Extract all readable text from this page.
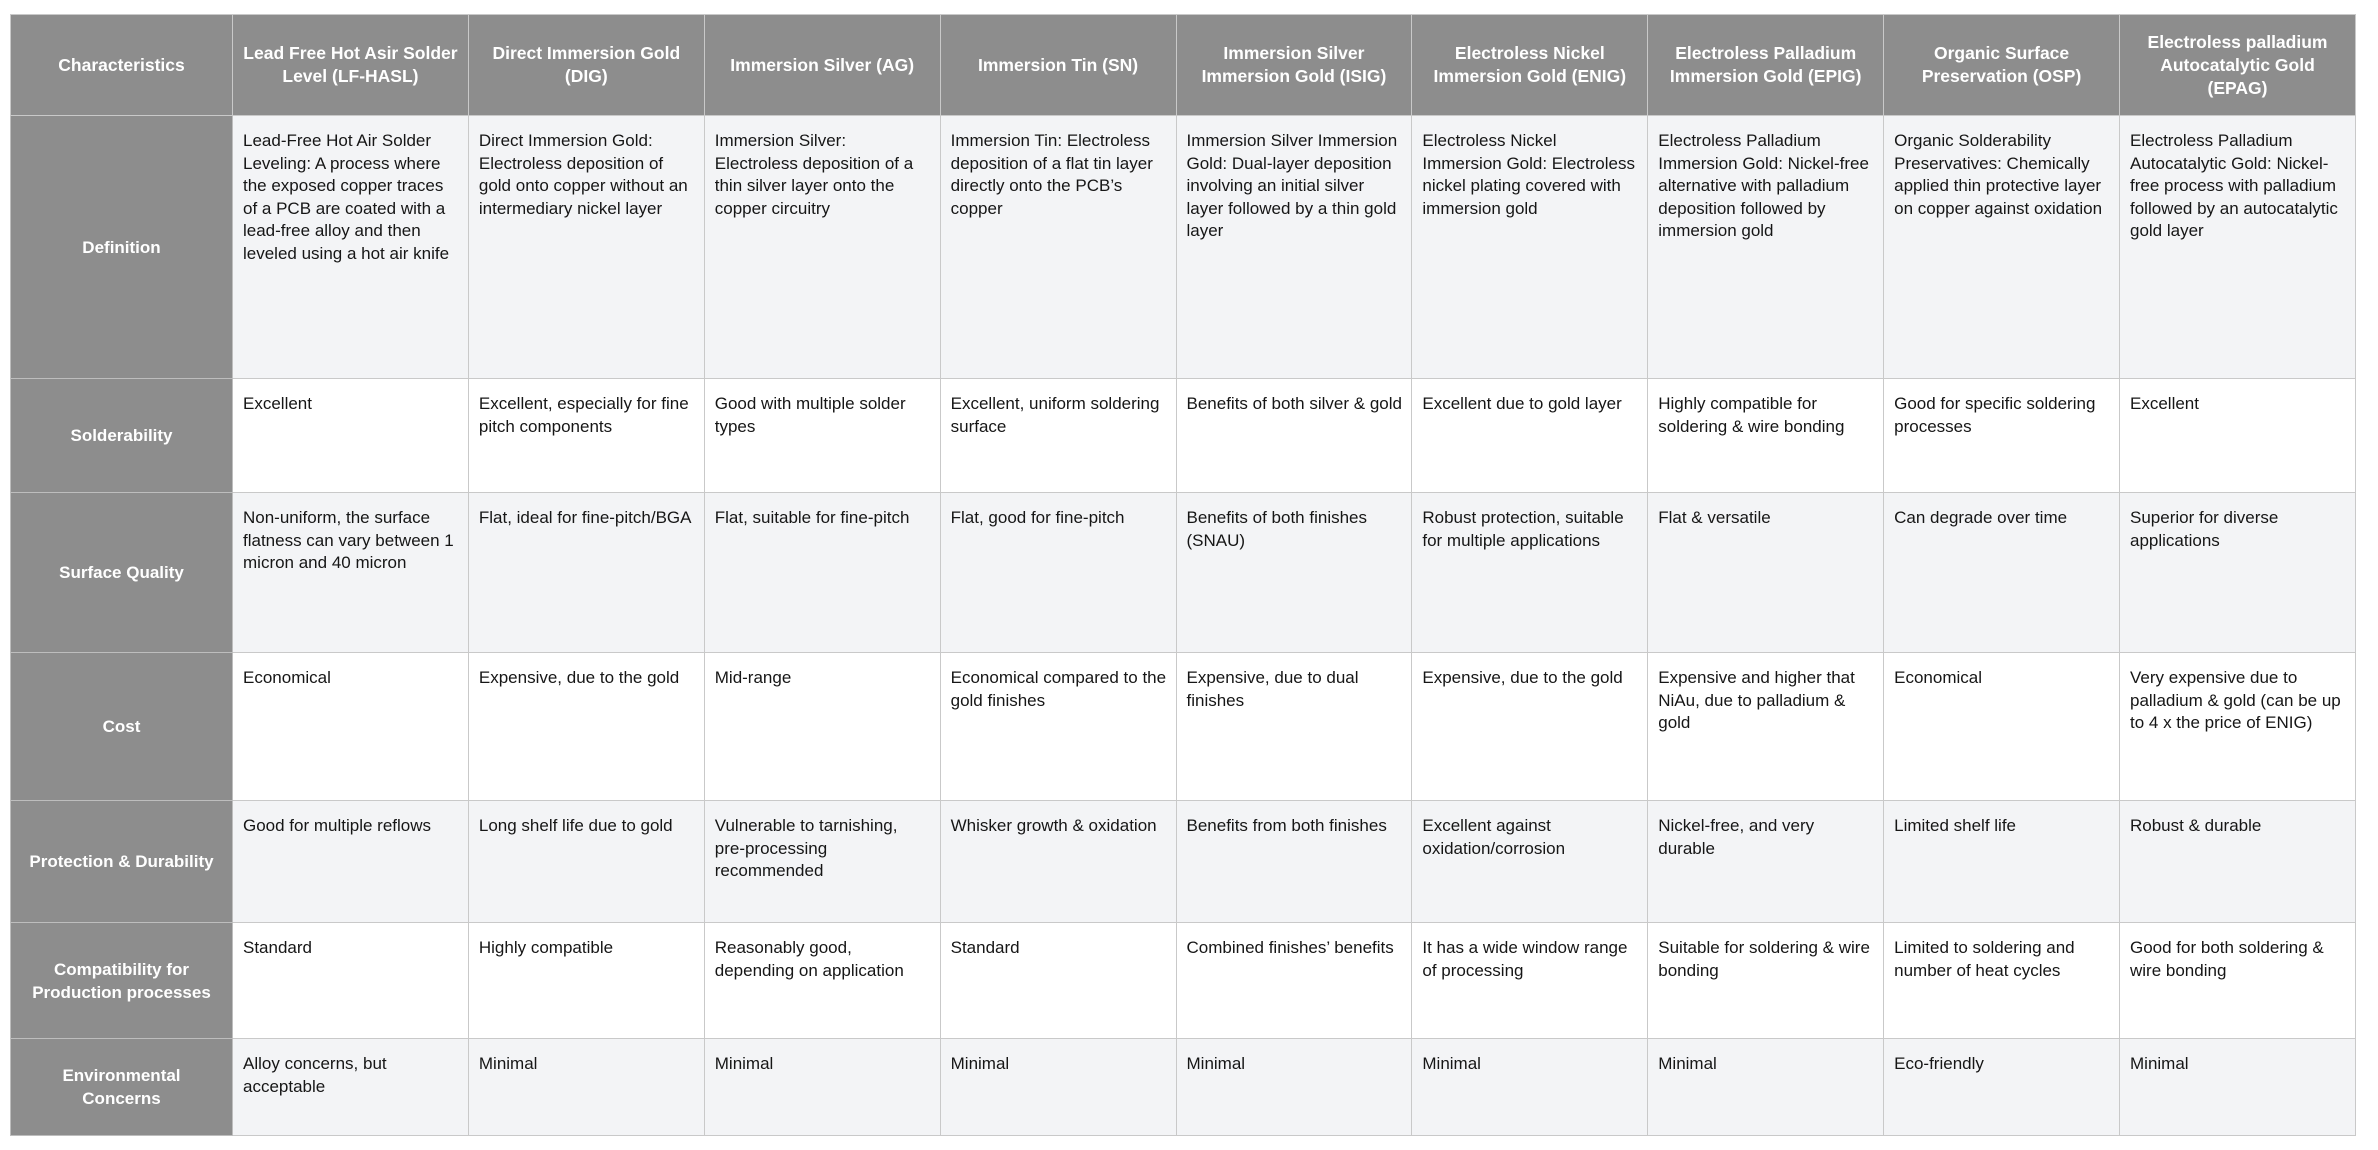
Characteristics	Lead Free Hot Asir Solder Level (LF-HASL)	Direct Immersion Gold (DIG)	Immersion Silver (AG)	Immersion Tin (SN)	Immersion Silver Immersion Gold (ISIG)	Electroless Nickel Immersion Gold (ENIG)	Electroless Palladium Immersion Gold (EPIG)	Organic Surface Preservation (OSP)	Electroless palladium Autocatalytic Gold (EPAG)
Definition	Lead-Free Hot Air Solder Leveling: A process where the exposed copper traces of a PCB are coated with a lead-free alloy and then leveled using a hot air knife	Direct Immersion Gold: Electroless deposition of gold onto copper without an intermediary nickel layer	Immersion Silver: Electroless deposition of a thin silver layer onto the copper circuitry	Immersion Tin: Electroless deposition of a flat tin layer directly onto the PCB’s copper	Immersion Silver Immersion Gold: Dual-layer deposition involving an initial silver layer followed by a thin gold layer	Electroless Nickel Immersion Gold: Electroless nickel plating covered with immersion gold	Electroless Palladium Immersion Gold: Nickel-free alternative with palladium deposition followed by immersion gold	Organic Solderability Preservatives: Chemically applied thin protective layer on copper against oxidation	Electroless Palladium Autocatalytic Gold: Nickel-free process with palladium followed by an autocatalytic gold layer
Solderability	Excellent	Excellent, especially for fine pitch components	Good with multiple solder types	Excellent, uniform soldering surface	Benefits of both silver & gold	Excellent due to gold layer	Highly compatible for soldering & wire bonding	Good for specific soldering processes	Excellent
Surface Quality	Non-uniform, the surface flatness can vary between 1 micron and 40 micron	Flat, ideal for fine-pitch/BGA	Flat, suitable for fine-pitch	Flat, good for fine-pitch	Benefits of both finishes (SNAU)	Robust protection, suitable for multiple applications	Flat & versatile	Can degrade over time	Superior for diverse applications
Cost	Economical	Expensive, due to the gold	Mid-range	Economical compared to the gold finishes	Expensive, due to dual finishes	Expensive, due to the gold	Expensive and higher that NiAu, due to palladium & gold	Economical	Very expensive due to palladium & gold (can be up to 4 x the price of ENIG)
Protection & Durability	Good for multiple reflows	Long shelf life due to gold	Vulnerable to tarnishing, pre-processing recommended	Whisker growth & oxidation	Benefits from both finishes	Excellent against oxidation/corrosion	Nickel-free, and very durable	Limited shelf life	Robust & durable
Compatibility for Production processes	Standard	Highly compatible	Reasonably good, depending on application	Standard	Combined finishes’ benefits	It has a wide window range of processing	Suitable for soldering & wire bonding	Limited to soldering and number of heat cycles	Good for both soldering & wire bonding
Environmental Concerns	Alloy concerns, but acceptable	Minimal	Minimal	Minimal	Minimal	Minimal	Minimal	Eco-friendly	Minimal
